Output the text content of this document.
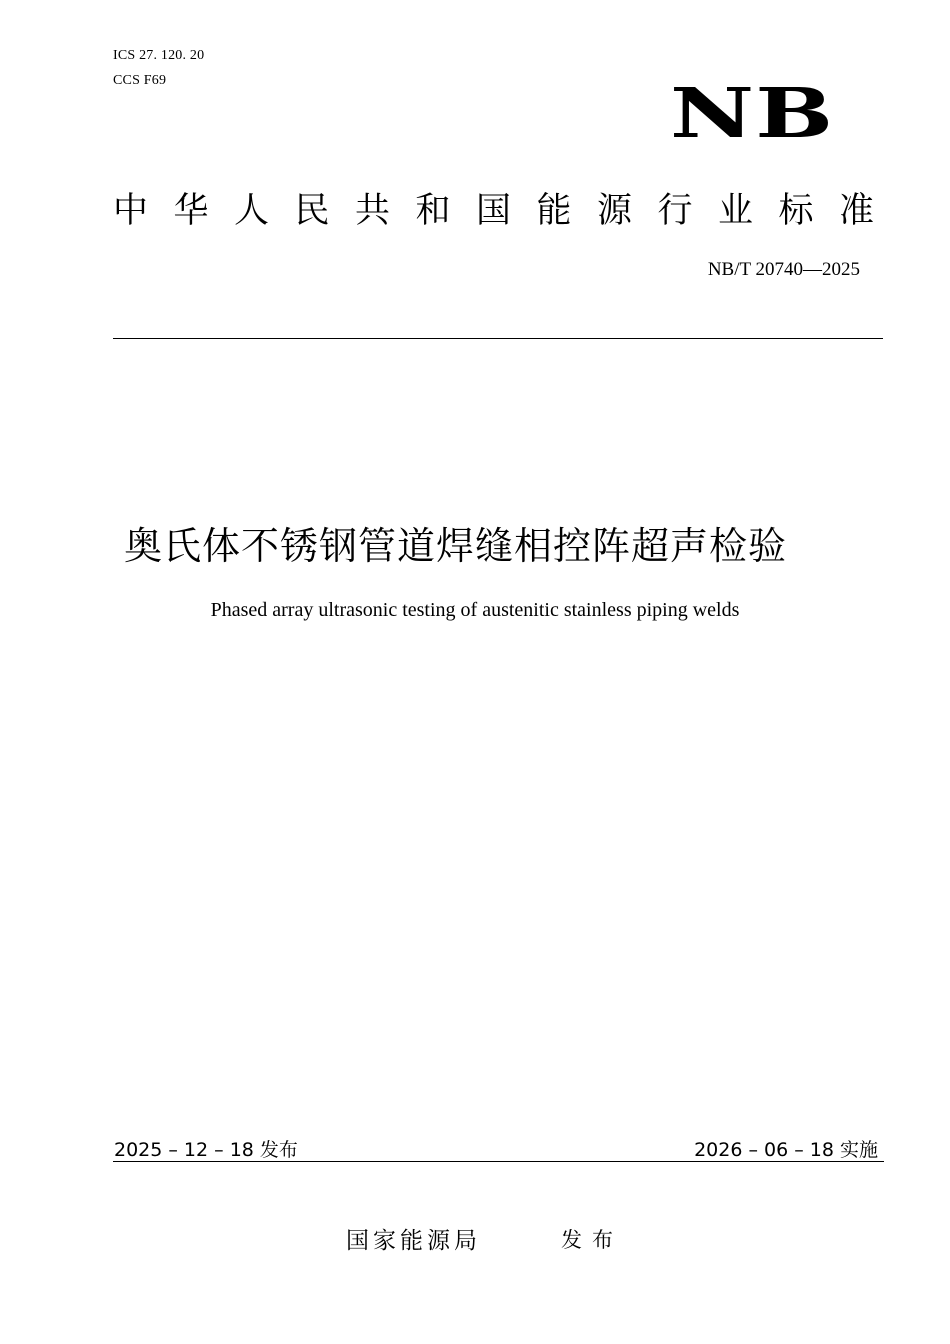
ICS 27. 120. 20
CCS F69	NB
中华人民共和国能源行业标准
NB/T 20740—2025
奥氏体不锈钢管道焊缝相控阵超声检验
Phased array ultrasonic testing of austenitic stainless piping welds
2025 – 12 – 18 发布	2026 – 06 – 18 实施
国家能源局	发布
